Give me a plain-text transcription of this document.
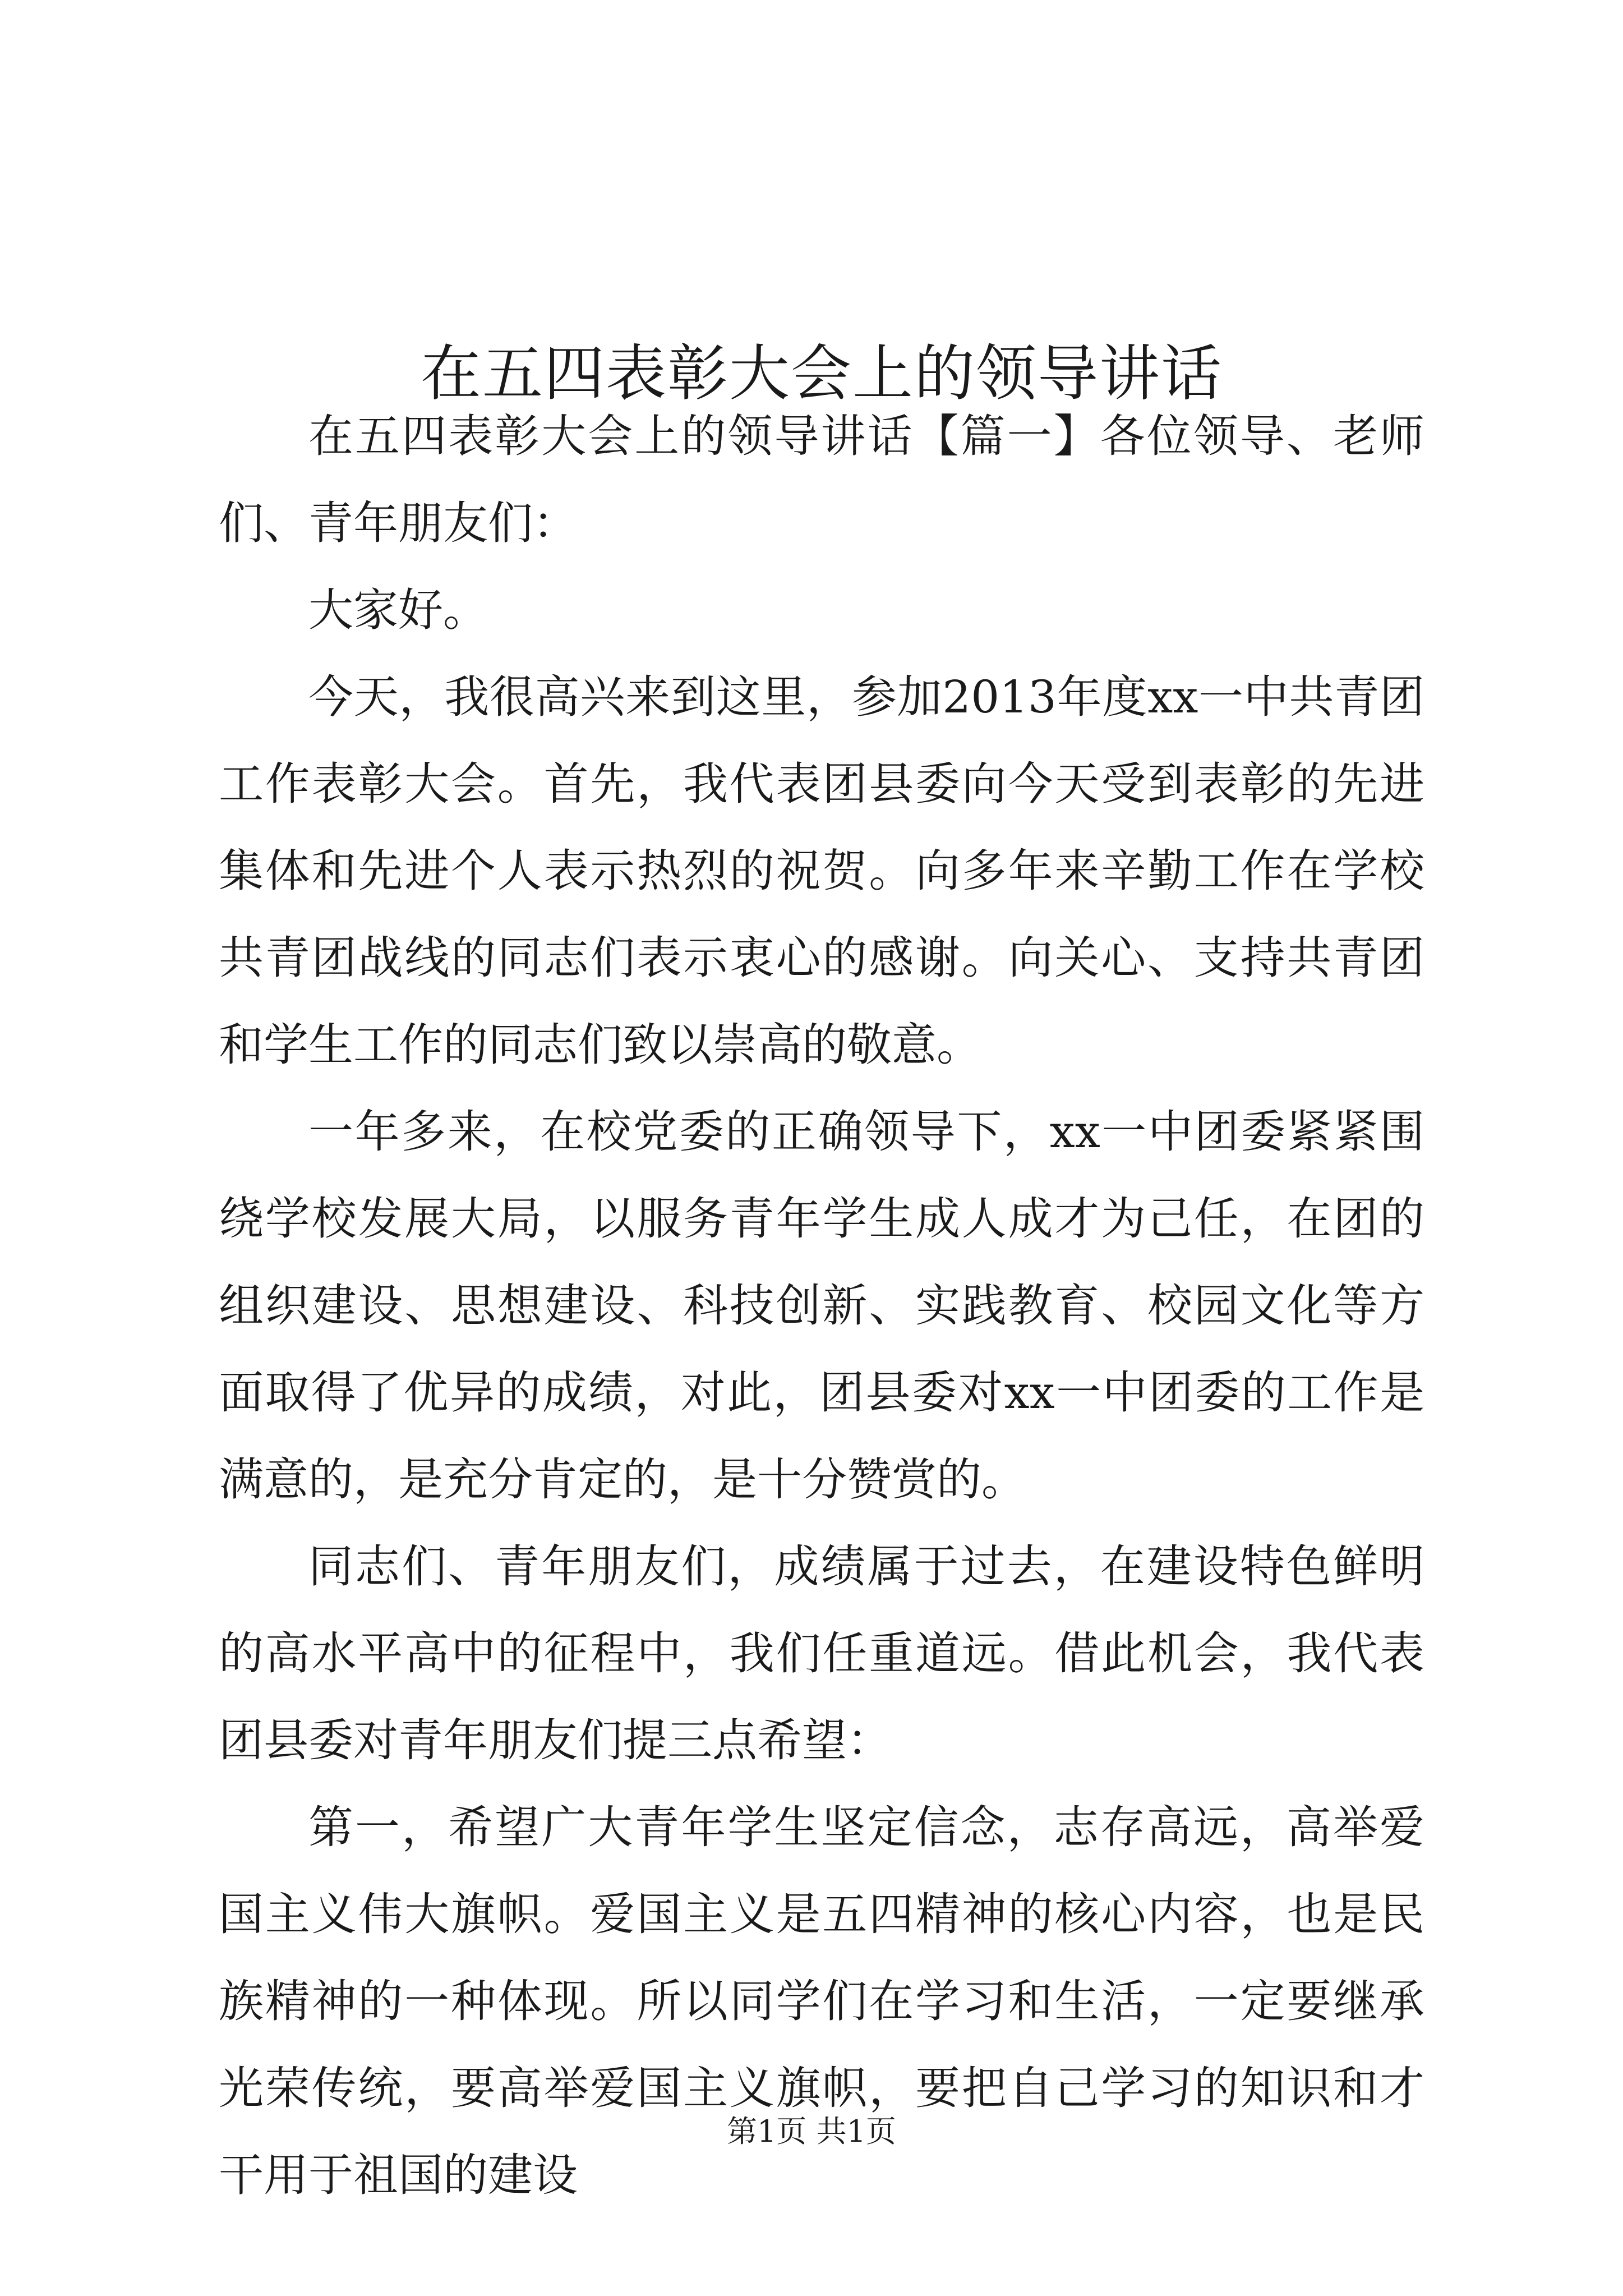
在五四表彰大会上的领导讲话

在五四表彰大会上的领导讲话【篇一】各位领导、老师们、青年朋友们：

大家好。

今天，我很高兴来到这里，参加2013年度xx一中共青团工作表彰大会。首先，我代表团县委向今天受到表彰的先进集体和先进个人表示热烈的祝贺。向多年来辛勤工作在学校共青团战线的同志们表示衷心的感谢。向关心、支持共青团和学生工作的同志们致以崇高的敬意。

一年多来，在校党委的正确领导下，xx一中团委紧紧围绕学校发展大局，以服务青年学生成人成才为己任，在团的组织建设、思想建设、科技创新、实践教育、校园文化等方面取得了优异的成绩，对此，团县委对xx一中团委的工作是满意的，是充分肯定的，是十分赞赏的。

同志们、青年朋友们，成绩属于过去，在建设特色鲜明的高水平高中的征程中，我们任重道远。借此机会，我代表团县委对青年朋友们提三点希望：

第一，希望广大青年学生坚定信念，志存高远，高举爱国主义伟大旗帜。爱国主义是五四精神的核心内容，也是民族精神的一种体现。所以同学们在学习和生活，一定要继承光荣传统，要高举爱国主义旗帜，要把自己学习的知识和才干用于祖国的建设

第1页 共1页
